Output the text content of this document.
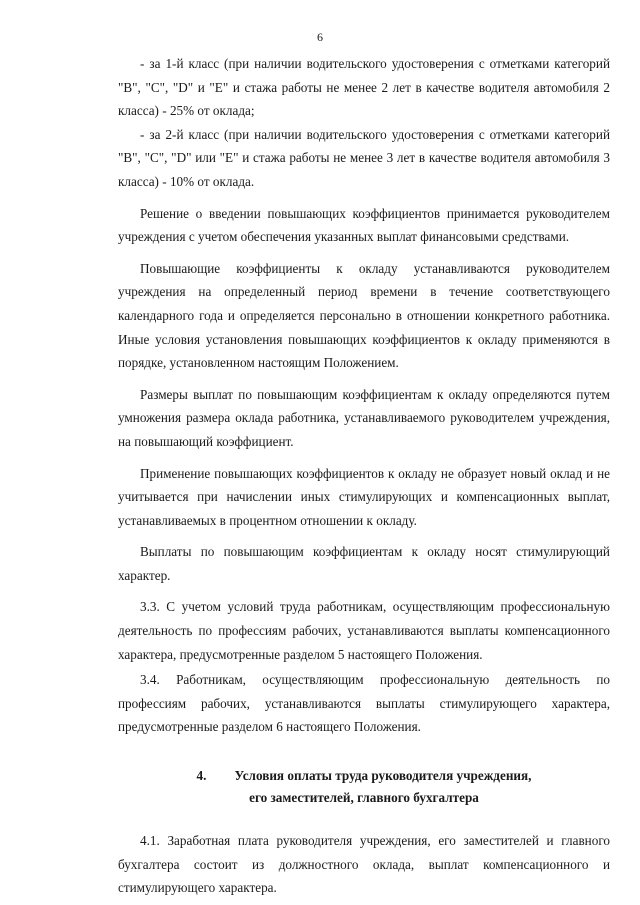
6

- за 1-й класс (при наличии водительского удостоверения с отметками категорий "B", "C", "D" и "E" и стажа работы не менее 2 лет в качестве водителя автомобиля 2 класса) - 25% от оклада;

- за 2-й класс (при наличии водительского удостоверения с отметками категорий "B", "C", "D" или "E" и стажа работы не менее 3 лет в качестве водителя автомобиля 3 класса) - 10% от оклада.

Решение о введении повышающих коэффициентов принимается руководителем учреждения с учетом обеспечения указанных выплат финансовыми средствами.

Повышающие коэффициенты к окладу устанавливаются руководителем учреждения на определенный период времени в течение соответствующего календарного года и определяется персонально в отношении конкретного работника. Иные условия установления повышающих коэффициентов к окладу применяются в порядке, установленном настоящим Положением.

Размеры выплат по повышающим коэффициентам к окладу определяются путем умножения размера оклада работника, устанавливаемого руководителем учреждения, на повышающий коэффициент.

Применение повышающих коэффициентов к окладу не образует новый оклад и не учитывается при начислении иных стимулирующих и компенсационных выплат, устанавливаемых в процентном отношении к окладу.

Выплаты по повышающим коэффициентам к окладу носят стимулирующий характер.

3.3. С учетом условий труда работникам, осуществляющим профессиональную деятельность по профессиям рабочих, устанавливаются выплаты компенсационного характера, предусмотренные разделом 5 настоящего Положения.

3.4. Работникам, осуществляющим профессиональную деятельность по профессиям рабочих, устанавливаются выплаты стимулирующего характера, предусмотренные разделом 6 настоящего Положения.

4. Условия оплаты труда руководителя учреждения,
его заместителей, главного бухгалтера

4.1. Заработная плата руководителя учреждения, его заместителей и главного бухгалтера состоит из должностного оклада, выплат компенсационного и стимулирующего характера.
